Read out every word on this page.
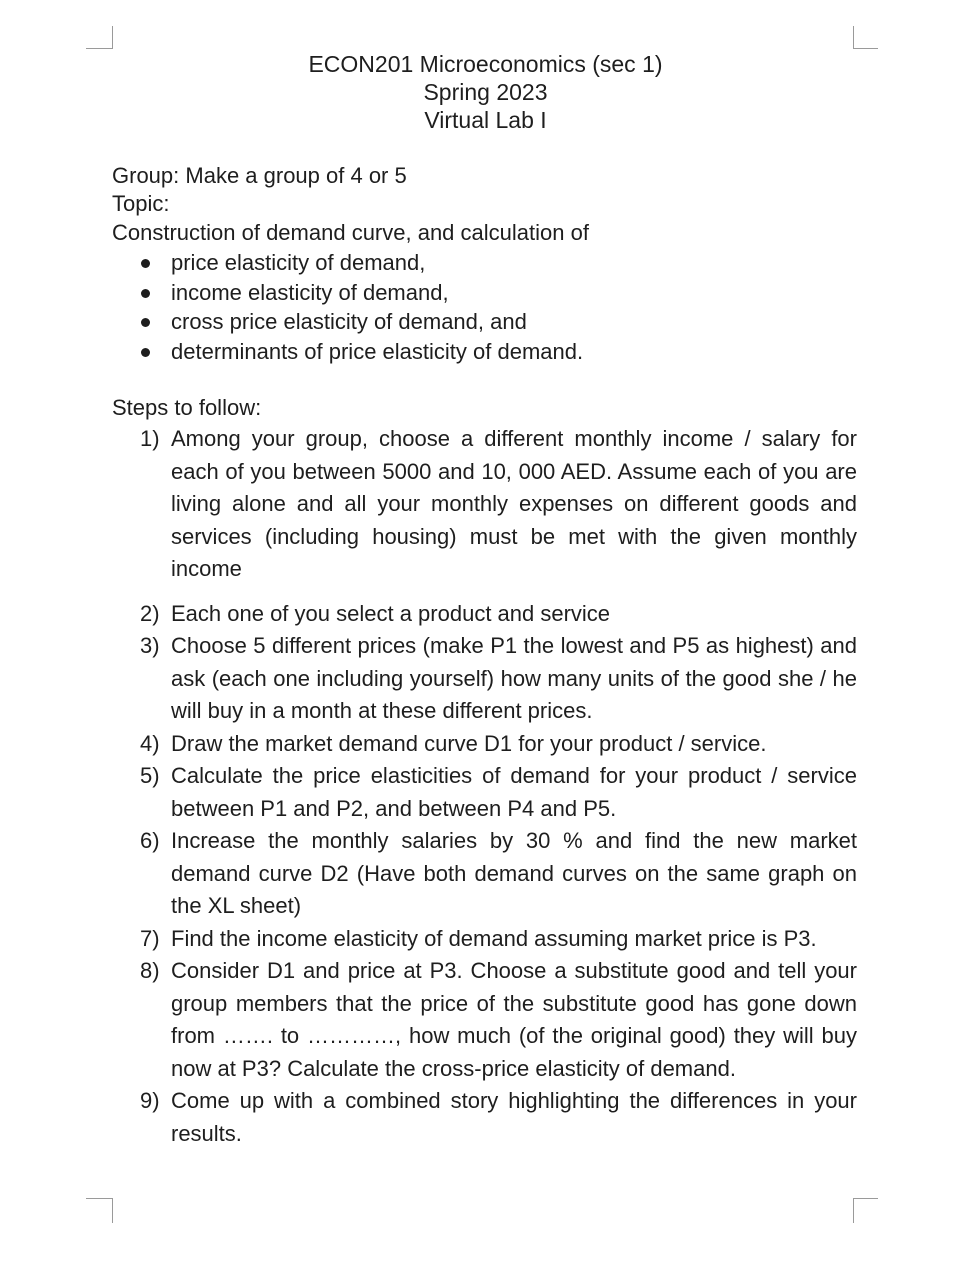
ECON201 Microeconomics (sec 1)
Spring 2023
Virtual Lab I
Group: Make a group of 4 or 5
Topic:
Construction of demand curve, and calculation of
price elasticity of demand,
income elasticity of demand,
cross price elasticity of demand, and
determinants of price elasticity of demand.
Steps to follow:
1) Among your group, choose a different monthly income / salary for each of you between 5000 and 10, 000 AED. Assume each of you are living alone and all your monthly expenses on different goods and services (including housing) must be met with the given monthly income
2) Each one of you select a product and service
3) Choose 5 different prices (make P1 the lowest and P5 as highest) and ask (each one including yourself) how many units of the good she / he will buy in a month at these different prices.
4) Draw the market demand curve D1 for your product / service.
5) Calculate the price elasticities of demand for your product / service between P1 and P2, and between P4 and P5.
6) Increase the monthly salaries by 30 % and find the new market demand curve D2 (Have both demand curves on the same graph on the XL sheet)
7) Find the income elasticity of demand assuming market price is P3.
8) Consider D1 and price at P3. Choose a substitute good and tell your group members that the price of the substitute good has gone down from ……. to …………, how much (of the original good) they will buy now at P3? Calculate the cross-price elasticity of demand.
9) Come up with a combined story highlighting the differences in your results.
